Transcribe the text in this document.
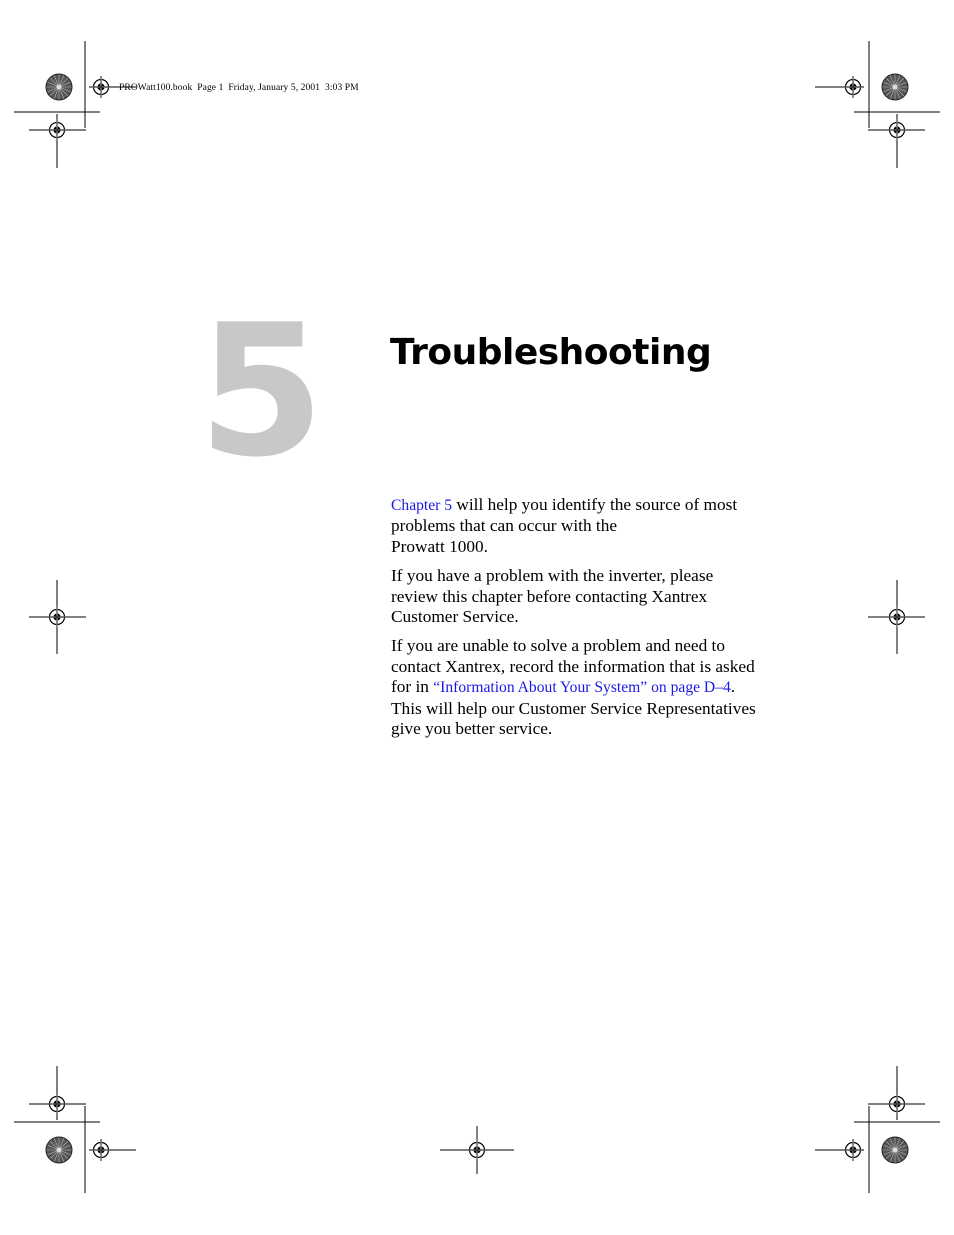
PROWatt100.book  Page 1  Friday, January 5, 2001  3:03 PM
5 Troubleshooting

Chapter 5 will help you identify the source of most problems that can occur with the
Prowatt 1000.

If you have a problem with the inverter, please review this chapter before contacting Xantrex Customer Service.

If you are unable to solve a problem and need to contact Xantrex, record the information that is asked for in “Information About Your System” on page D–4. This will help our Customer Service Representatives give you better service.
